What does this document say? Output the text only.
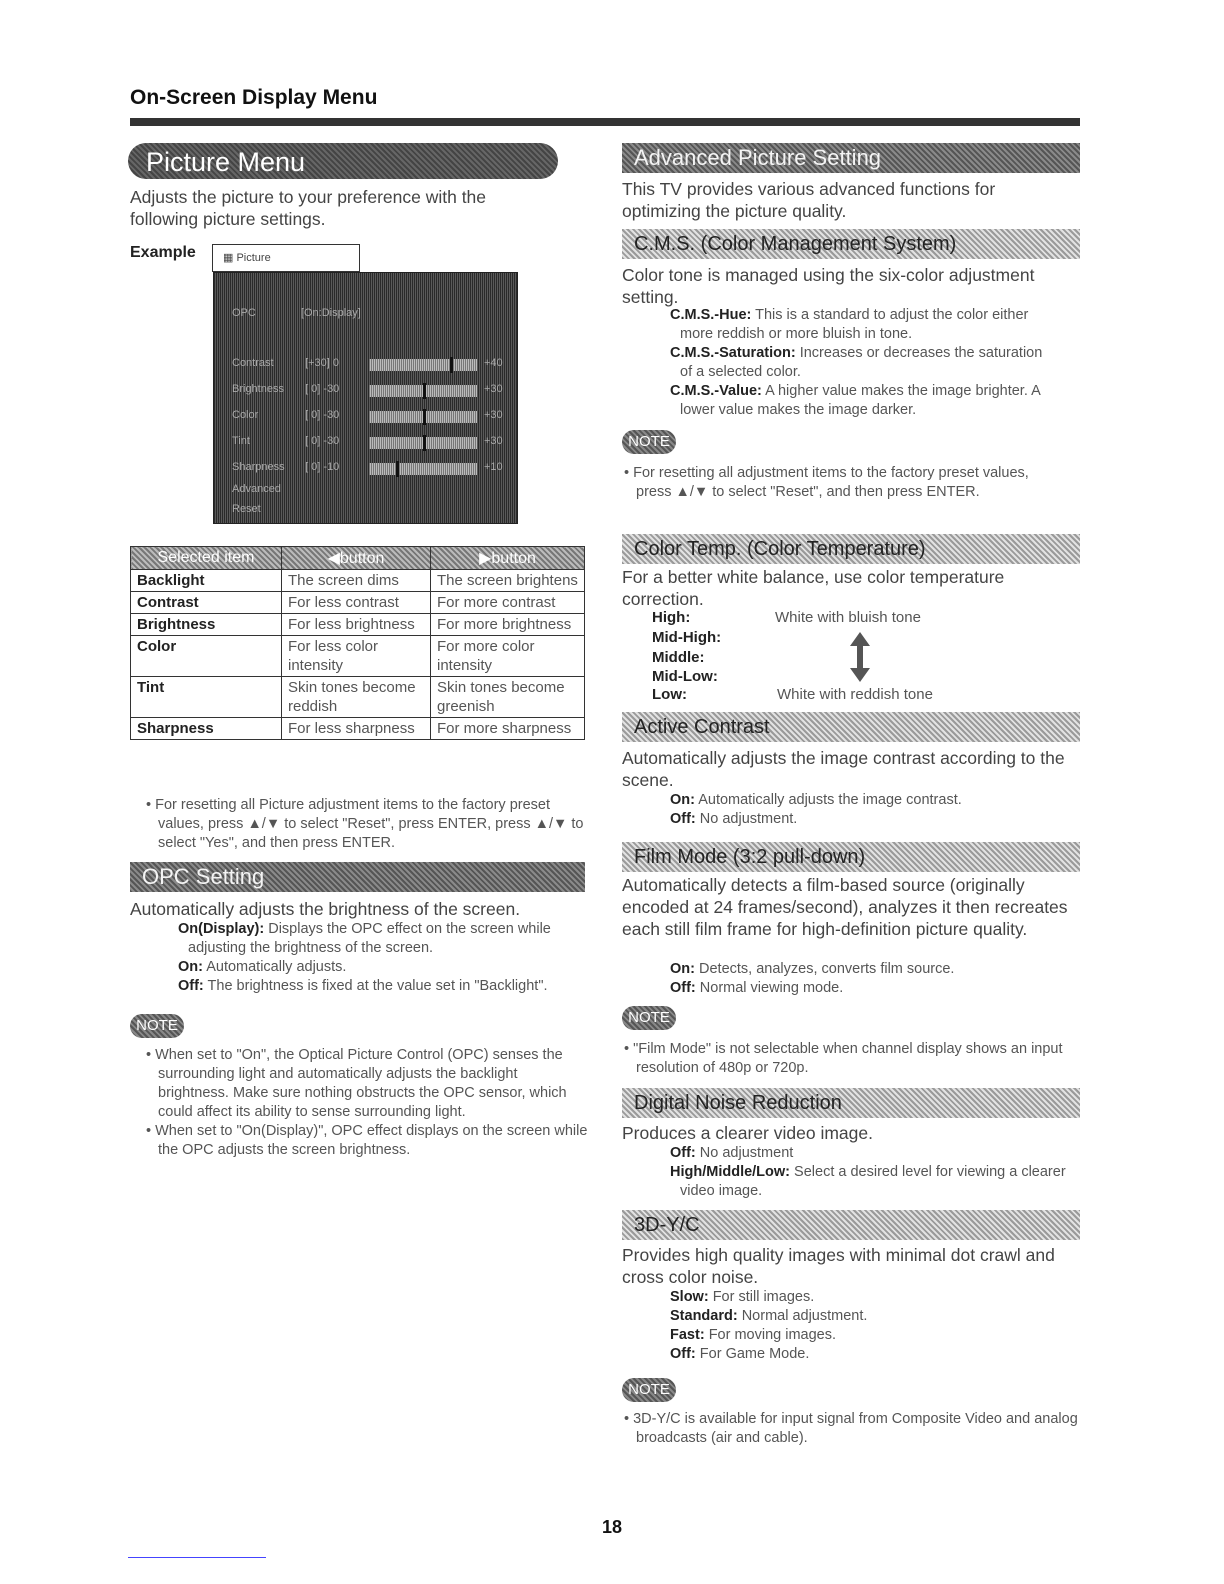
On-Screen Display Menu
Picture Menu
Adjusts the picture to your preference with the following picture settings.
Example	▦ Picture
OPC	[On:Display]
Contrast	[+30] 0	+40
Brightness [ 0] -30	+30
Color	[ 0] -30	+30
Tint	[ 0] -30	+30
Sharpness [ 0] -10	+10
Advanced
Reset
Selected item	◀button	▶button
Backlight	The screen dims	The screen brightens
Contrast	For less contrast	For more contrast
Brightness	For less brightness	For more brightness
Color	For less color intensity	For more color intensity
Tint	Skin tones become reddish	Skin tones become greenish
Sharpness	For less sharpness	For more sharpness
• For resetting all Picture adjustment items to the factory preset values, press ▲/▼ to select "Reset", press ENTER, press ▲/▼ to select "Yes", and then press ENTER.
OPC Setting
Automatically adjusts the brightness of the screen.
On(Display): Displays the OPC effect on the screen while adjusting the brightness of the screen.
On: Automatically adjusts.
Off: The brightness is fixed at the value set in "Backlight".
NOTE
• When set to "On", the Optical Picture Control (OPC) senses the surrounding light and automatically adjusts the backlight brightness. Make sure nothing obstructs the OPC sensor, which could affect its ability to sense surrounding light.
• When set to "On(Display)", OPC effect displays on the screen while the OPC adjusts the screen brightness.
Advanced Picture Setting
This TV provides various advanced functions for optimizing the picture quality.
C.M.S. (Color Management System)
Color tone is managed using the six-color adjustment setting.
C.M.S.-Hue: This is a standard to adjust the color either more reddish or more bluish in tone.
C.M.S.-Saturation: Increases or decreases the saturation of a selected color.
C.M.S.-Value: A higher value makes the image brighter. A lower value makes the image darker.
NOTE
• For resetting all adjustment items to the factory preset values, press ▲/▼ to select "Reset", and then press ENTER.
Color Temp. (Color Temperature)
For a better white balance, use color temperature correction.
High:	White with bluish tone
Mid-High:
Middle:
Mid-Low:
Low:	White with reddish tone
Active Contrast
Automatically adjusts the image contrast according to the scene.
On: Automatically adjusts the image contrast.
Off: No adjustment.
Film Mode (3:2 pull-down)
Automatically detects a film-based source (originally encoded at 24 frames/second), analyzes it then recreates each still film frame for high-definition picture quality.
On: Detects, analyzes, converts film source.
Off: Normal viewing mode.
NOTE
• "Film Mode" is not selectable when channel display shows an input resolution of 480p or 720p.
Digital Noise Reduction
Produces a clearer video image.
Off: No adjustment
High/Middle/Low: Select a desired level for viewing a clearer video image.
3D-Y/C
Provides high quality images with minimal dot crawl and cross color noise.
Slow: For still images.
Standard: Normal adjustment.
Fast: For moving images.
Off: For Game Mode.
NOTE
• 3D-Y/C is available for input signal from Composite Video and analog broadcasts (air and cable).
18
